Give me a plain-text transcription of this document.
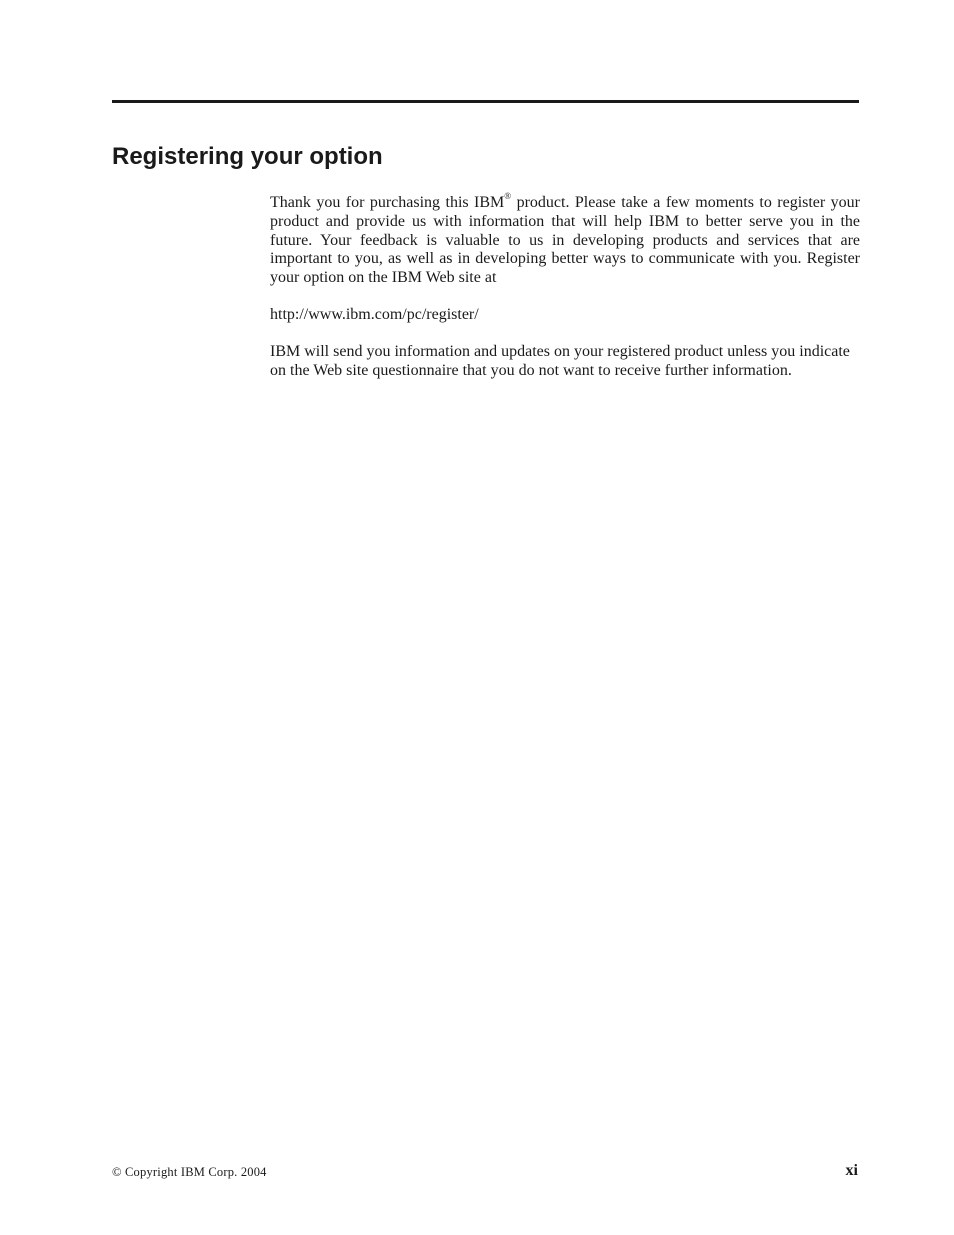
Registering your option

Thank you for purchasing this IBM® product. Please take a few moments to register your product and provide us with information that will help IBM to better serve you in the future. Your feedback is valuable to us in developing products and services that are important to you, as well as in developing better ways to communicate with you. Register your option on the IBM Web site at

http://www.ibm.com/pc/register/

IBM will send you information and updates on your registered product unless you indicate on the Web site questionnaire that you do not want to receive further information.

© Copyright IBM Corp. 2004	xi
